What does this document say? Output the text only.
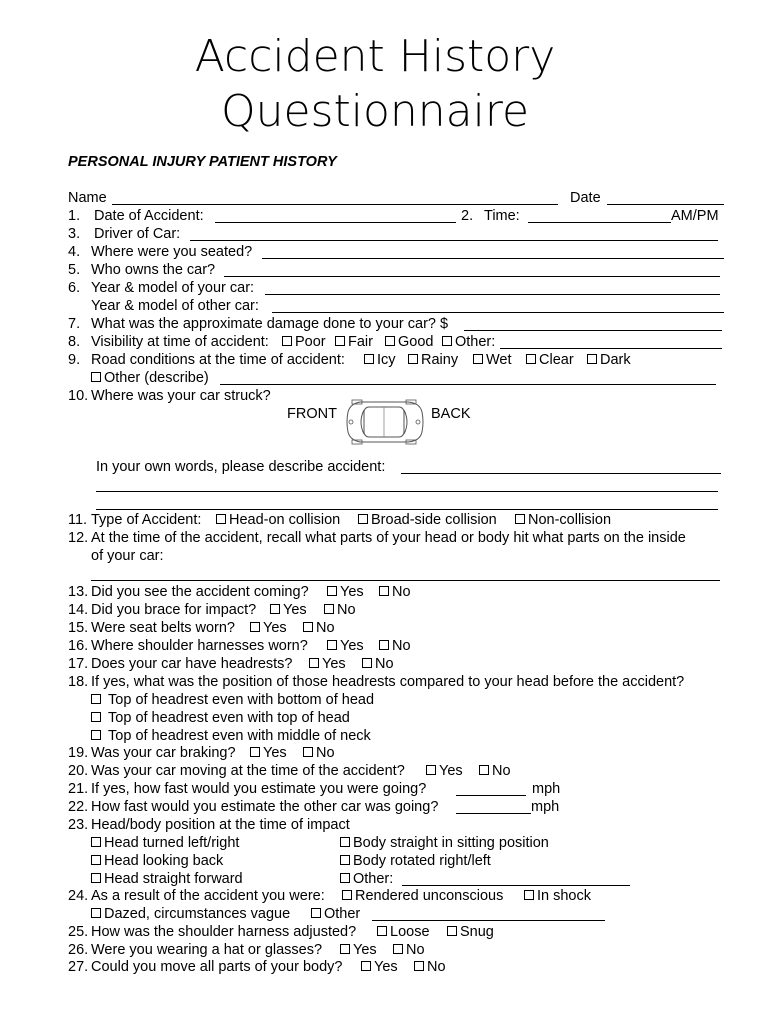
Accident History
Questionnaire
PERSONAL INJURY PATIENT HISTORY
Name	Date
1. Date of Accident:	2. Time:	AM/PM
3. Driver of Car:
4. Where were you seated?
5. Who owns the car?
6. Year & model of your car:
Year & model of other car:
7. What was the approximate damage done to your car? $
8. Visibility at time of accident:	Poor	Fair	Good	Other:
9. Road conditions at the time of accident:	Icy	Rainy	Wet	Clear	Dark
Other (describe)
10. Where was your car struck?
FRONT	BACK
In your own words, please describe accident:
11. Type of Accident:	Head-on collision	Broad-side collision	Non-collision
12. At the time of the accident, recall what parts of your head or body hit what parts on the inside
of your car:
13. Did you see the accident coming?	Yes	No
14. Did you brace for impact?	Yes	No
15. Were seat belts worn?	Yes	No
16. Where shoulder harnesses worn?	Yes	No
17. Does your car have headrests?	Yes	No
18. If yes, what was the position of those headrests compared to your head before the accident?
Top of headrest even with bottom of head
Top of headrest even with top of head
Top of headrest even with middle of neck
19. Was your car braking?	Yes	No
20. Was your car moving at the time of the accident?	Yes	No
21. If yes, how fast would you estimate you were going?	mph
22. How fast would you estimate the other car was going?	mph
23. Head/body position at the time of impact
Head turned left/right	Body straight in sitting position
Head looking back	Body rotated right/left
Head straight forward	Other:
24. As a result of the accident you were:	Rendered unconscious	In shock
Dazed, circumstances vague	Other
25. How was the shoulder harness adjusted?	Loose	Snug
26. Were you wearing a hat or glasses?	Yes	No
27. Could you move all parts of your body?	Yes	No
